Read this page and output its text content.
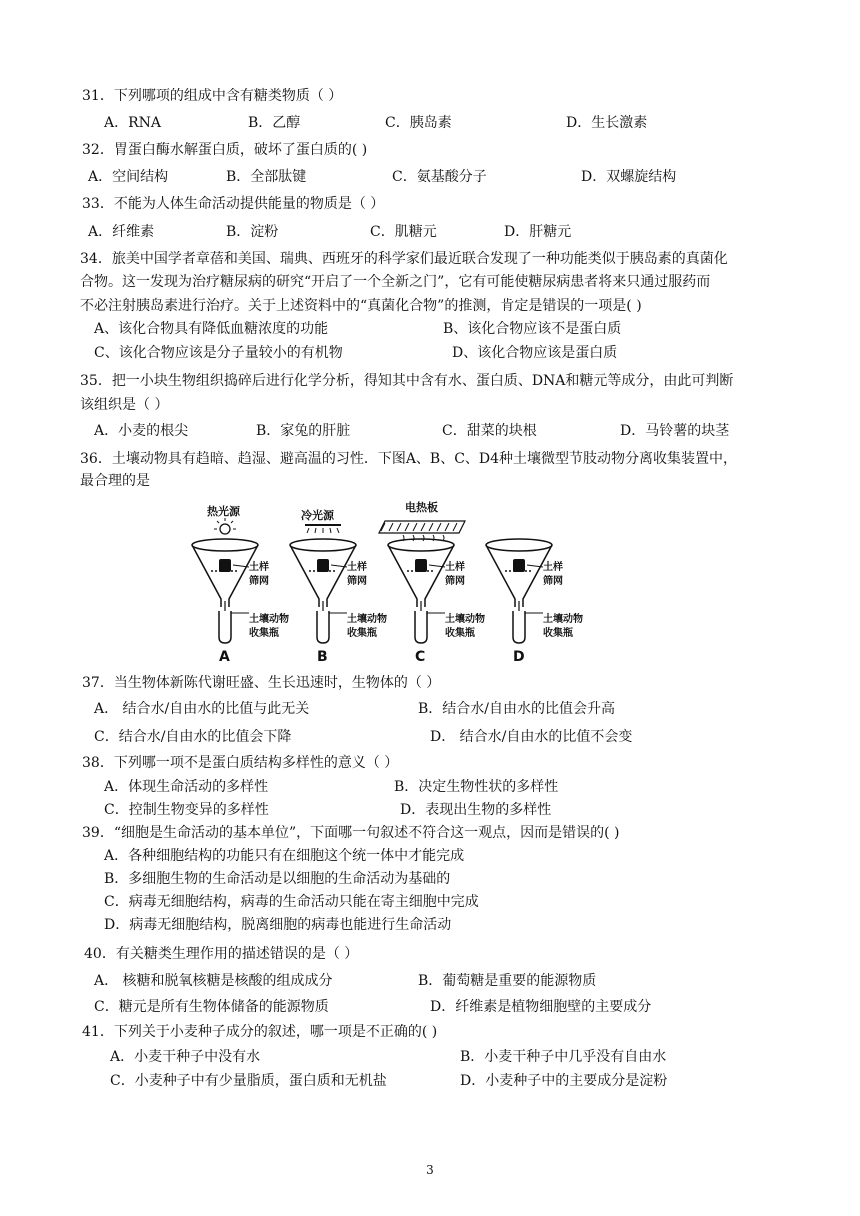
31．下列哪项的组成中含有糖类物质（ ）
A．RNA	B．乙醇	C．胰岛素	D．生长激素
32．胃蛋白酶水解蛋白质，破坏了蛋白质的( )
A．空间结构	B．全部肽键	C．氨基酸分子	D．双螺旋结构
33．不能为人体生命活动提供能量的物质是（ ）
A．纤维素	B．淀粉	C．肌糖元	D．肝糖元
34．旅美中国学者章蓓和美国、瑞典、西班牙的科学家们最近联合发现了一种功能类似于胰岛素的真菌化
合物。这一发现为治疗糖尿病的研究“开启了一个全新之门”，它有可能使糖尿病患者将来只通过服药而
不必注射胰岛素进行治疗。关于上述资料中的“真菌化合物”的推测，肯定是错误的一项是( )
A、该化合物具有降低血糖浓度的功能	B、该化合物应该不是蛋白质
C、该化合物应该是分子量较小的有机物	D、该化合物应该是蛋白质
35．把一小块生物组织捣碎后进行化学分析，得知其中含有水、蛋白质、DNA和糖元等成分，由此可判断
该组织是（ ）
A．小麦的根尖	B．家兔的肝脏	C．甜菜的块根	D．马铃薯的块茎
36．土壤动物具有趋暗、趋湿、避高温的习性．下图A、B、C、D4种土壤微型节肢动物分离收集装置中，
最合理的是
热光源
土样
筛网
土壤动物
收集瓶
A
冷光源
土样
筛网
土壤动物
收集瓶
B
电热板
土样
筛网
土壤动物
收集瓶
C
土样
筛网
土壤动物
收集瓶
D
37．当生物体新陈代谢旺盛、生长迅速时，生物体的（ ）
A． 结合水/自由水的比值与此无关	B．结合水/自由水的比值会升高
C．结合水/自由水的比值会下降	D． 结合水/自由水的比值不会变
38．下列哪一项不是蛋白质结构多样性的意义（ ）
A．体现生命活动的多样性	B．决定生物性状的多样性
C．控制生物变异的多样性	D．表现出生物的多样性
39．“细胞是生命活动的基本单位”，下面哪一句叙述不符合这一观点，因而是错误的( )
A．各种细胞结构的功能只有在细胞这个统一体中才能完成
B．多细胞生物的生命活动是以细胞的生命活动为基础的
C．病毒无细胞结构，病毒的生命活动只能在寄主细胞中完成
D．病毒无细胞结构，脱离细胞的病毒也能进行生命活动
40．有关糖类生理作用的描述错误的是（ ）
A． 核糖和脱氧核糖是核酸的组成成分	B．葡萄糖是重要的能源物质
C．糖元是所有生物体储备的能源物质	D．纤维素是植物细胞壁的主要成分
41．下列关于小麦种子成分的叙述，哪一项是不正确的( )
A．小麦干种子中没有水	B．小麦干种子中几乎没有自由水
C．小麦种子中有少量脂质，蛋白质和无机盐	D．小麦种子中的主要成分是淀粉
3
